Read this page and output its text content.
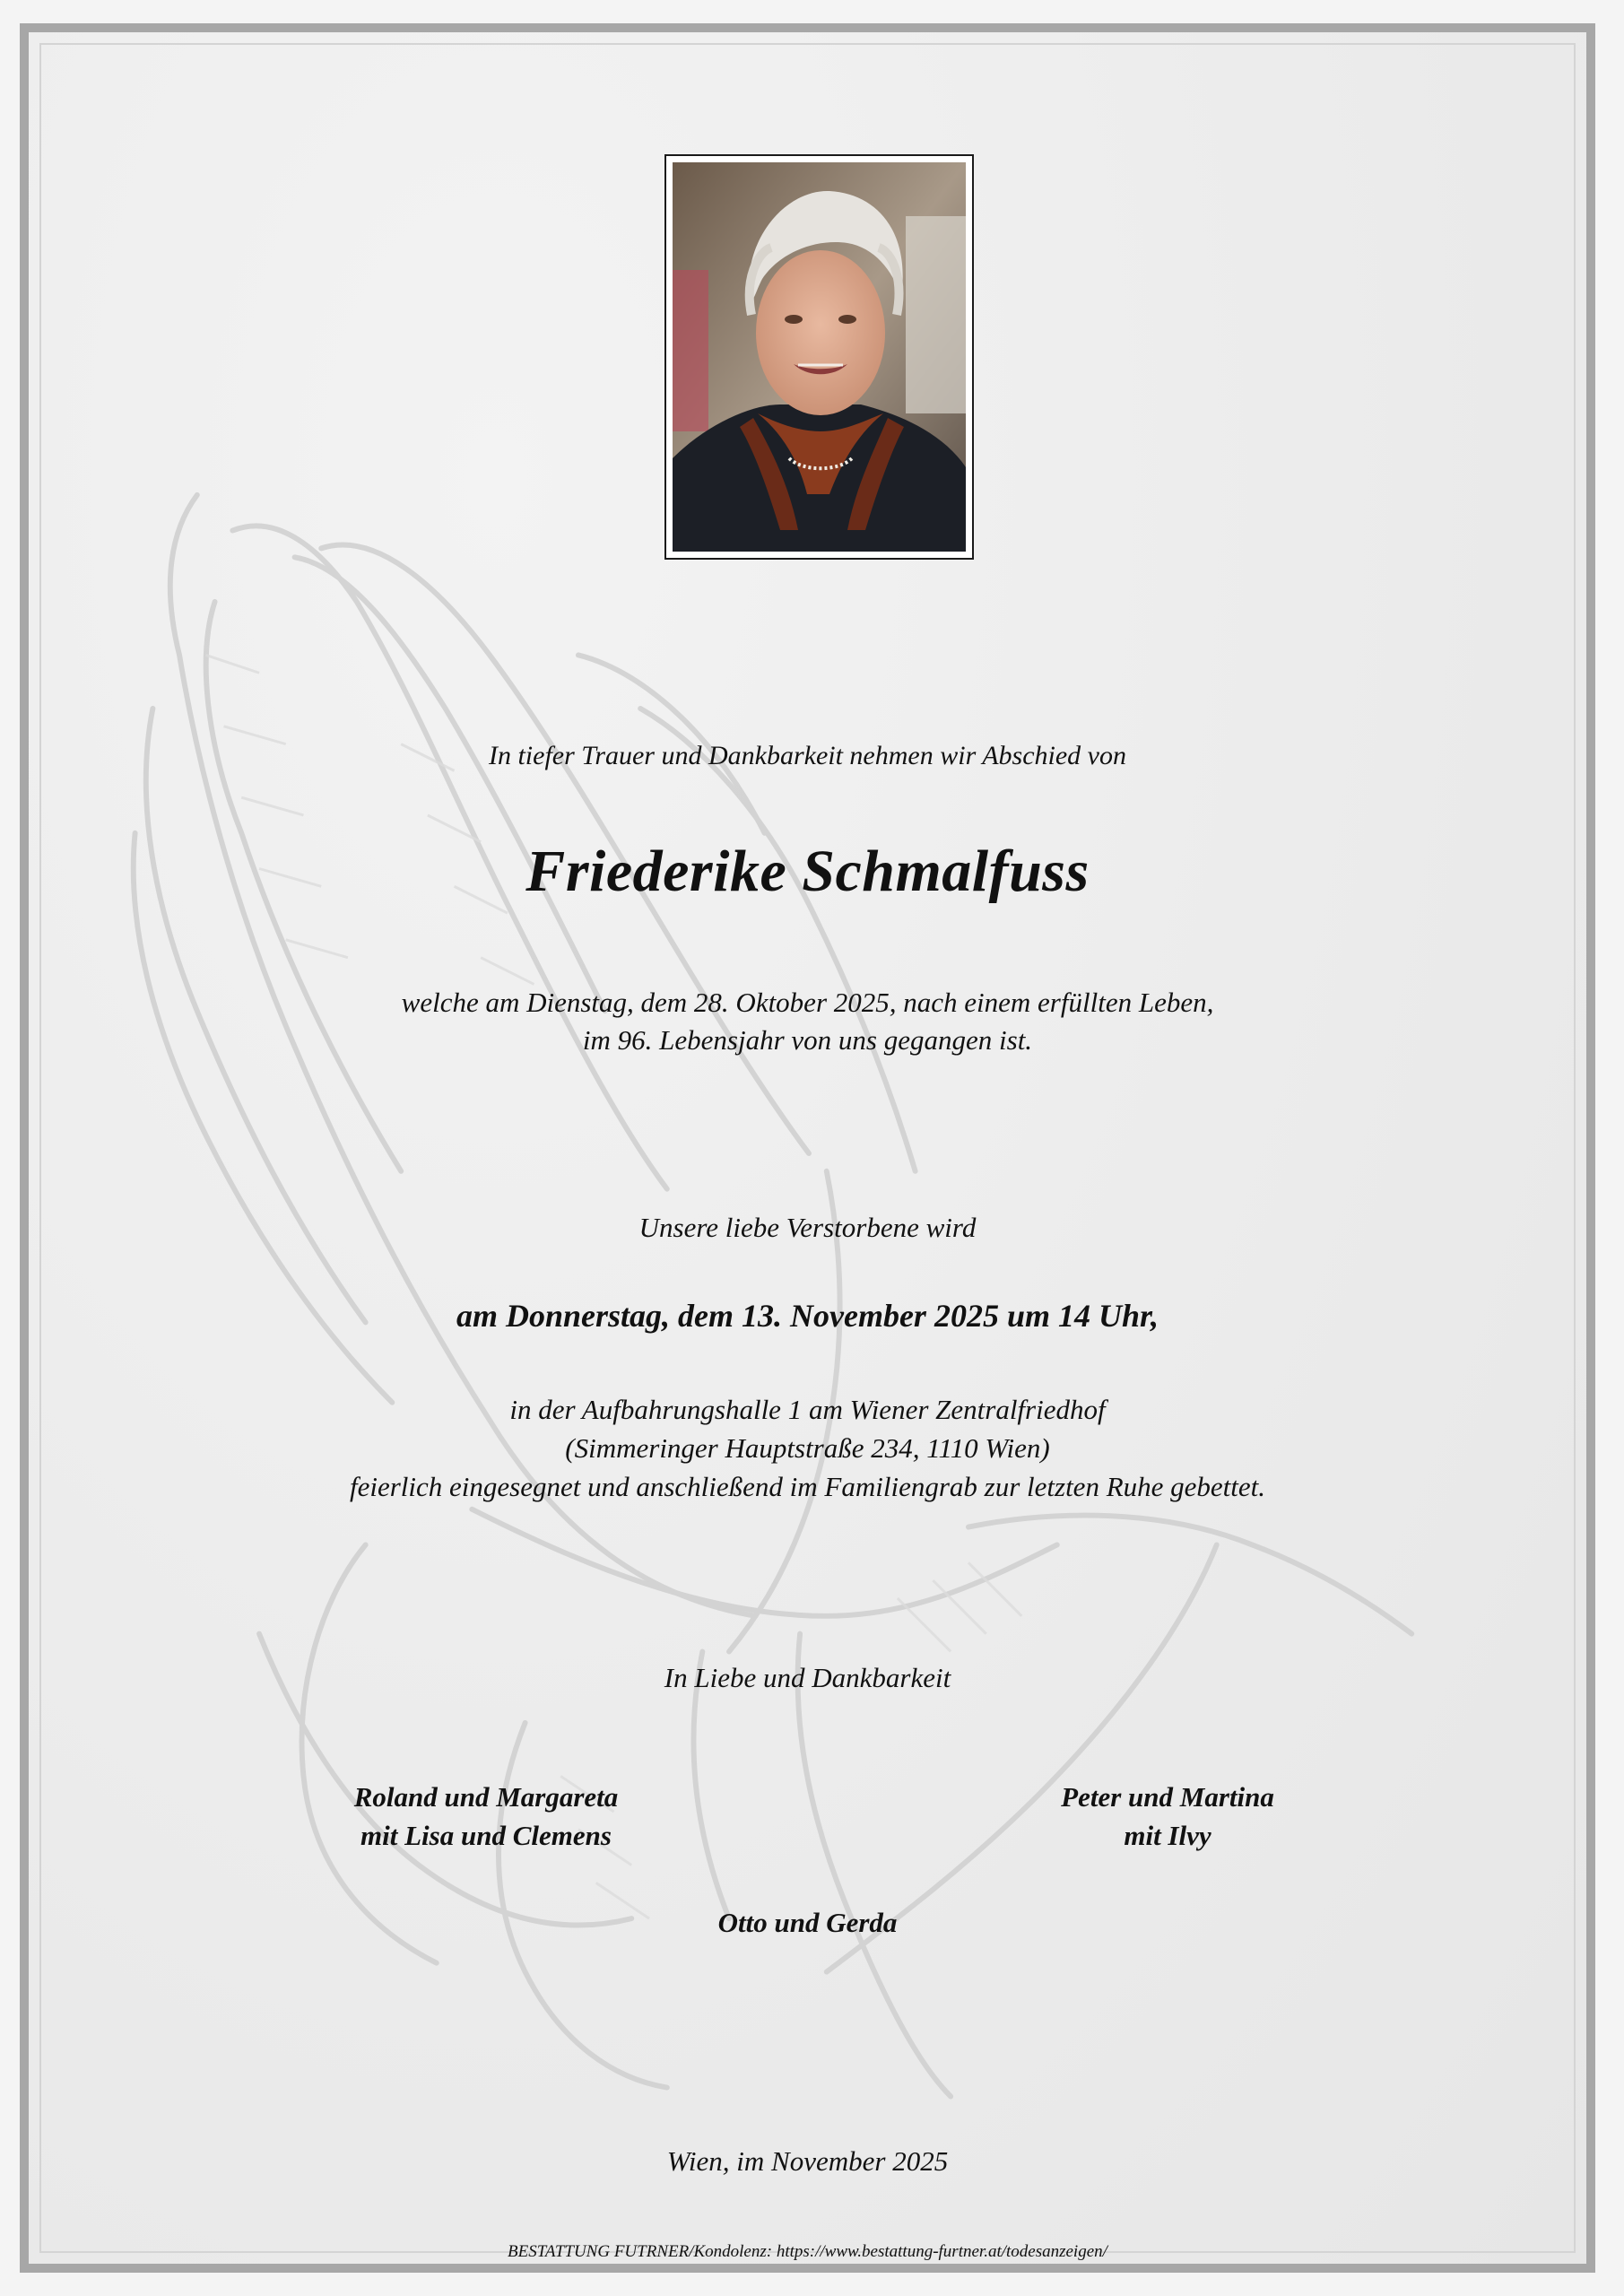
In tiefer Trauer und Dankbarkeit nehmen wir Abschied von
Friederike Schmalfuss
welche am Dienstag, dem 28. Oktober 2025, nach einem erfüllten Leben,
im 96. Lebensjahr von uns gegangen ist.
Unsere liebe Verstorbene wird
am Donnerstag, dem 13. November 2025 um 14 Uhr,
in der Aufbahrungshalle 1 am Wiener Zentralfriedhof
(Simmeringer Hauptstraße 234, 1110 Wien)
feierlich eingesegnet und anschließend im Familiengrab zur letzten Ruhe gebettet.
In Liebe und Dankbarkeit
Roland und Margareta
mit Lisa und Clemens
Peter und Martina
mit Ilvy
Otto und Gerda
Wien, im November 2025
BESTATTUNG FUTRNER/Kondolenz: https://www.bestattung-furtner.at/todesanzeigen/
